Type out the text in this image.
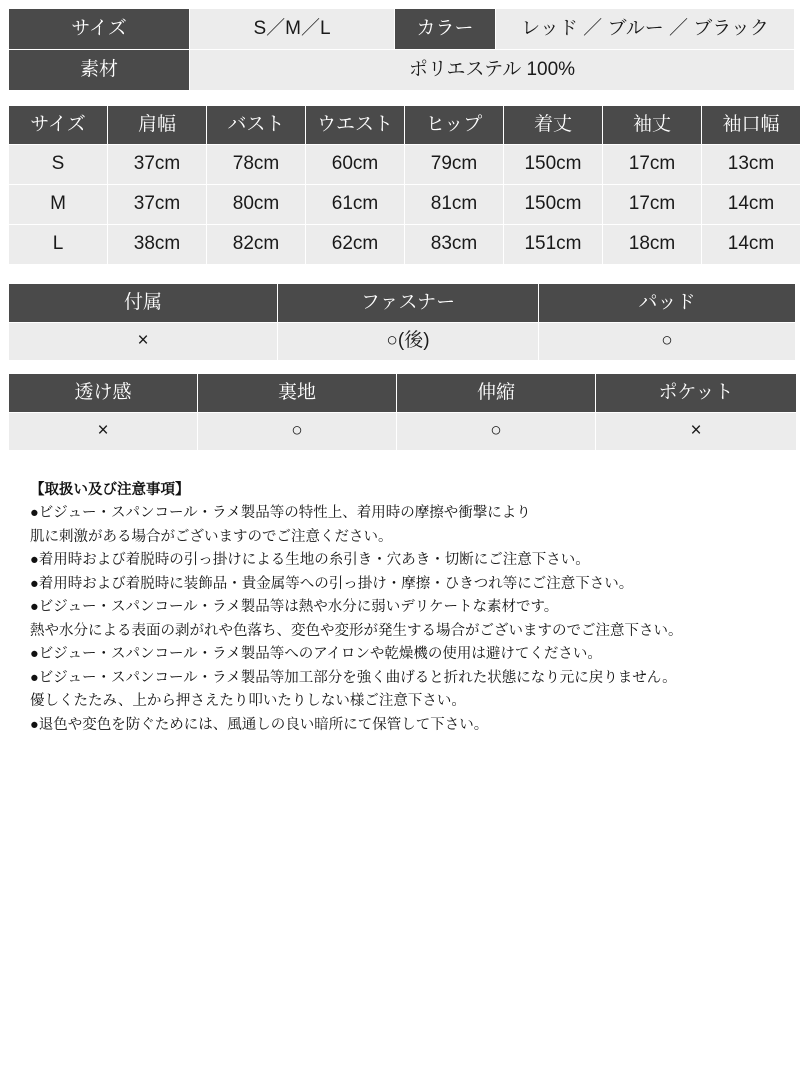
サイズ	S／M／L	カラー	レッド ／ ブルー ／ ブラック
素材	ポリエステル 100%		
サイズ	肩幅	バスト	ウエスト	ヒップ	着丈	袖丈	袖口幅
S	37cm	78cm	60cm	79cm	150cm	17cm	13cm
M	37cm	80cm	61cm	81cm	150cm	17cm	14cm
L	38cm	82cm	62cm	83cm	151cm	18cm	14cm
付属	ファスナー	パッド
×	○(後)	○
透け感	裏地	伸縮	ポケット
×	○	○	×

【取扱い及び注意事項】

●ビジュー・スパンコール・ラメ製品等の特性上、着用時の摩擦や衝撃により

肌に刺激がある場合がございますのでご注意ください。

●着用時および着脱時の引っ掛けによる生地の糸引き・穴あき・切断にご注意下さい。

●着用時および着脱時に装飾品・貴金属等への引っ掛け・摩擦・ひきつれ等にご注意下さい。

●ビジュー・スパンコール・ラメ製品等は熱や水分に弱いデリケートな素材です。

熱や水分による表面の剥がれや色落ち、変色や変形が発生する場合がございますのでご注意下さい。

●ビジュー・スパンコール・ラメ製品等へのアイロンや乾燥機の使用は避けてください。

●ビジュー・スパンコール・ラメ製品等加工部分を強く曲げると折れた状態になり元に戻りません。

優しくたたみ、上から押さえたり叩いたりしない様ご注意下さい。

●退色や変色を防ぐためには、風通しの良い暗所にて保管して下さい。
